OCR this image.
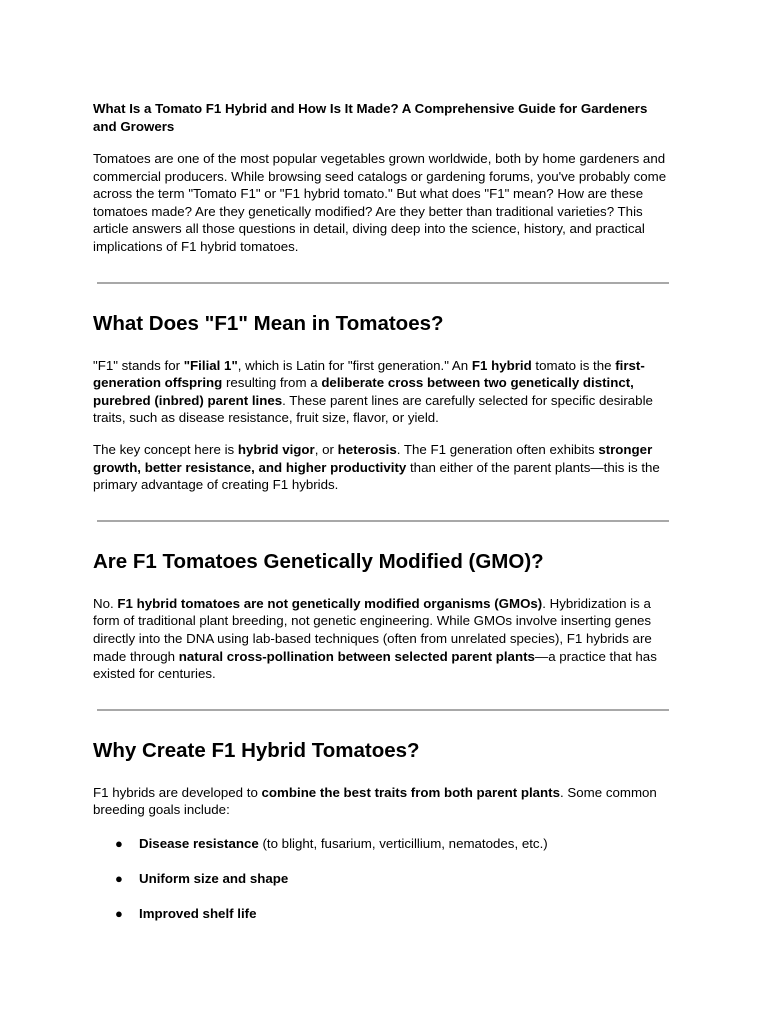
What Is a Tomato F1 Hybrid and How Is It Made? A Comprehensive Guide for Gardeners and Growers

Tomatoes are one of the most popular vegetables grown worldwide, both by home gardeners and commercial producers. While browsing seed catalogs or gardening forums, you've probably come across the term "Tomato F1" or "F1 hybrid tomato." But what does "F1" mean? How are these tomatoes made? Are they genetically modified? Are they better than traditional varieties? This article answers all those questions in detail, diving deep into the science, history, and practical implications of F1 hybrid tomatoes.

What Does "F1" Mean in Tomatoes?

"F1" stands for "Filial 1", which is Latin for "first generation." An F1 hybrid tomato is the first-generation offspring resulting from a deliberate cross between two genetically distinct, purebred (inbred) parent lines. These parent lines are carefully selected for specific desirable traits, such as disease resistance, fruit size, flavor, or yield.

The key concept here is hybrid vigor, or heterosis. The F1 generation often exhibits stronger growth, better resistance, and higher productivity than either of the parent plants—this is the primary advantage of creating F1 hybrids.

Are F1 Tomatoes Genetically Modified (GMO)?

No. F1 hybrid tomatoes are not genetically modified organisms (GMOs). Hybridization is a form of traditional plant breeding, not genetic engineering. While GMOs involve inserting genes directly into the DNA using lab-based techniques (often from unrelated species), F1 hybrids are made through natural cross-pollination between selected parent plants—a practice that has existed for centuries.

Why Create F1 Hybrid Tomatoes?

F1 hybrids are developed to combine the best traits from both parent plants. Some common breeding goals include:

● Disease resistance (to blight, fusarium, verticillium, nematodes, etc.)
● Uniform size and shape
● Improved shelf life
